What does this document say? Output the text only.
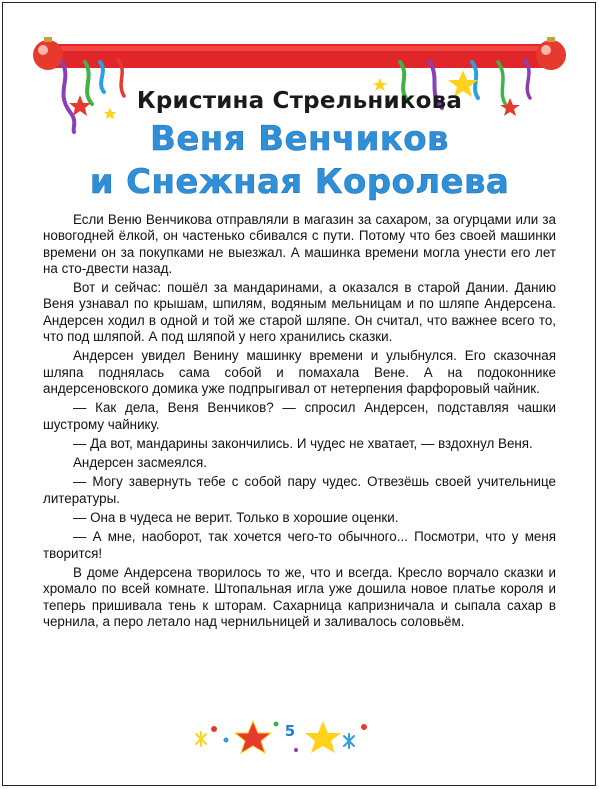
Кристина Стрельникова
Веня Венчиков
и Снежная Королева

Если Веню Венчикова отправляли в магазин за сахаром, за огурцами или за новогодней ёлкой, он частенько сбивался с пути. Потому что без своей машинки времени он за покупками не выезжал. А машинка времени могла унести его лет на сто-двести назад.

Вот и сейчас: пошёл за мандаринами, а оказался в старой Дании. Данию Веня узнавал по крышам, шпилям, водяным мельницам и по шляпе Андерсена. Андерсен ходил в одной и той же старой шляпе. Он считал, что важнее всего то, что под шляпой. А под шляпой у него хранились сказки.

Андерсен увидел Венину машинку времени и улыбнулся. Его сказочная шляпа поднялась сама собой и помахала Вене. А на подоконнике андерсеновского домика уже подпрыгивал от нетерпения фарфоровый чайник.

— Как дела, Веня Венчиков? — спросил Андерсен, подставляя чашки шустрому чайнику.

— Да вот, мандарины закончились. И чудес не хватает, — вздохнул Веня.

Андерсен засмеялся.

— Могу завернуть тебе с собой пару чудес. Отвезёшь своей учительнице литературы.

— Она в чудеса не верит. Только в хорошие оценки.

— А мне, наоборот, так хочется чего-то обычного... Посмотри, что у меня творится!

В доме Андерсена творилось то же, что и всегда. Кресло ворчало сказки и хромало по всей комнате. Штопальная игла уже дошила новое платье короля и теперь пришивала тень к шторам. Сахарница капризничала и сыпала сахар в чернила, а перо летало над чернильницей и заливалось соловьём.

5
